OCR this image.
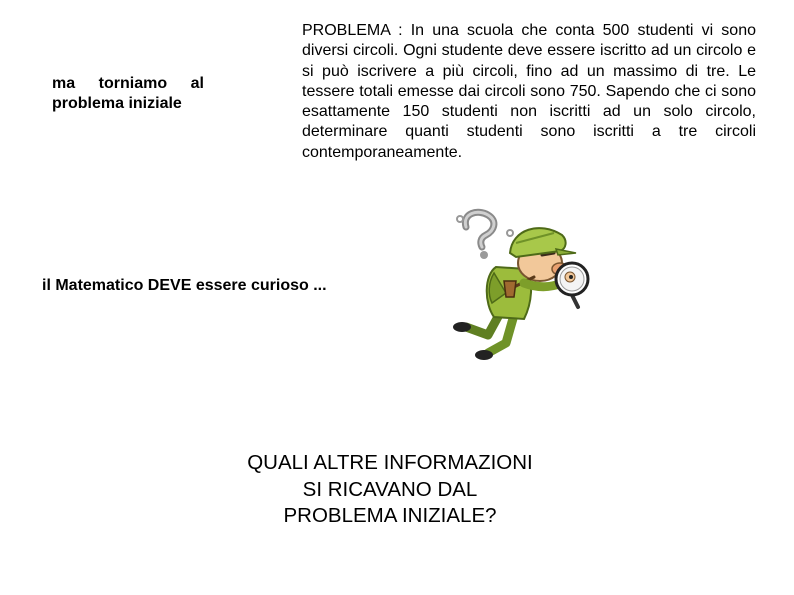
ma torniamo al problema iniziale
PROBLEMA : In una scuola che conta 500 studenti vi sono diversi circoli. Ogni studente deve essere iscritto ad un circolo e si può iscrivere a più circoli, fino ad un massimo di tre. Le tessere totali emesse dai circoli sono 750. Sapendo che ci sono esattamente 150 studenti non iscritti ad un solo circolo, determinare quanti studenti sono iscritti a tre circoli contemporaneamente.
il Matematico DEVE essere curioso ...
QUALI ALTRE INFORMAZIONI
SI RICAVANO DAL
PROBLEMA INIZIALE?
